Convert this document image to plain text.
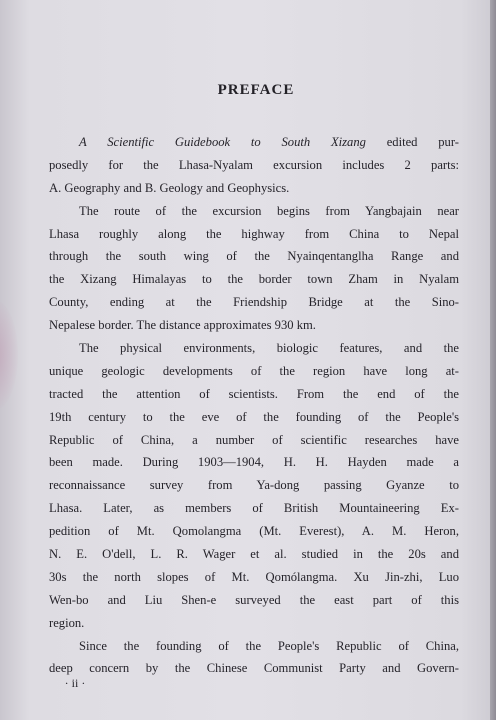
PREFACE
A Scientific Guidebook to South Xizang edited pur-
posedly for the Lhasa-Nyalam excursion includes 2 parts:
A. Geography and B. Geology and Geophysics.
The route of the excursion begins from Yangbajain near
Lhasa roughly along the highway from China to Nepal
through the south wing of the Nyainqentanglha Range and
the Xizang Himalayas to the border town Zham in Nyalam
County, ending at the Friendship Bridge at the Sino-
Nepalese border. The distance approximates 930 km.
The physical environments, biologic features, and the
unique geologic developments of the region have long at-
tracted the attention of scientists. From the end of the
19th century to the eve of the founding of the People's
Republic of China, a number of scientific researches have
been made. During 1903—1904, H. H. Hayden made a
reconnaissance survey from Ya-dong passing Gyanze to
Lhasa. Later, as members of British Mountaineering Ex-
pedition of Mt. Qomolangma (Mt. Everest), A. M. Heron,
N. E. O'dell, L. R. Wager et al. studied in the 20s and
30s the north slopes of Mt. Qomólangma. Xu Jin-zhi, Luo
Wen-bo and Liu Shen-e surveyed the east part of this
region.
Since the founding of the People's Republic of China,
deep concern by the Chinese Communist Party and Govern-
· ii ·
